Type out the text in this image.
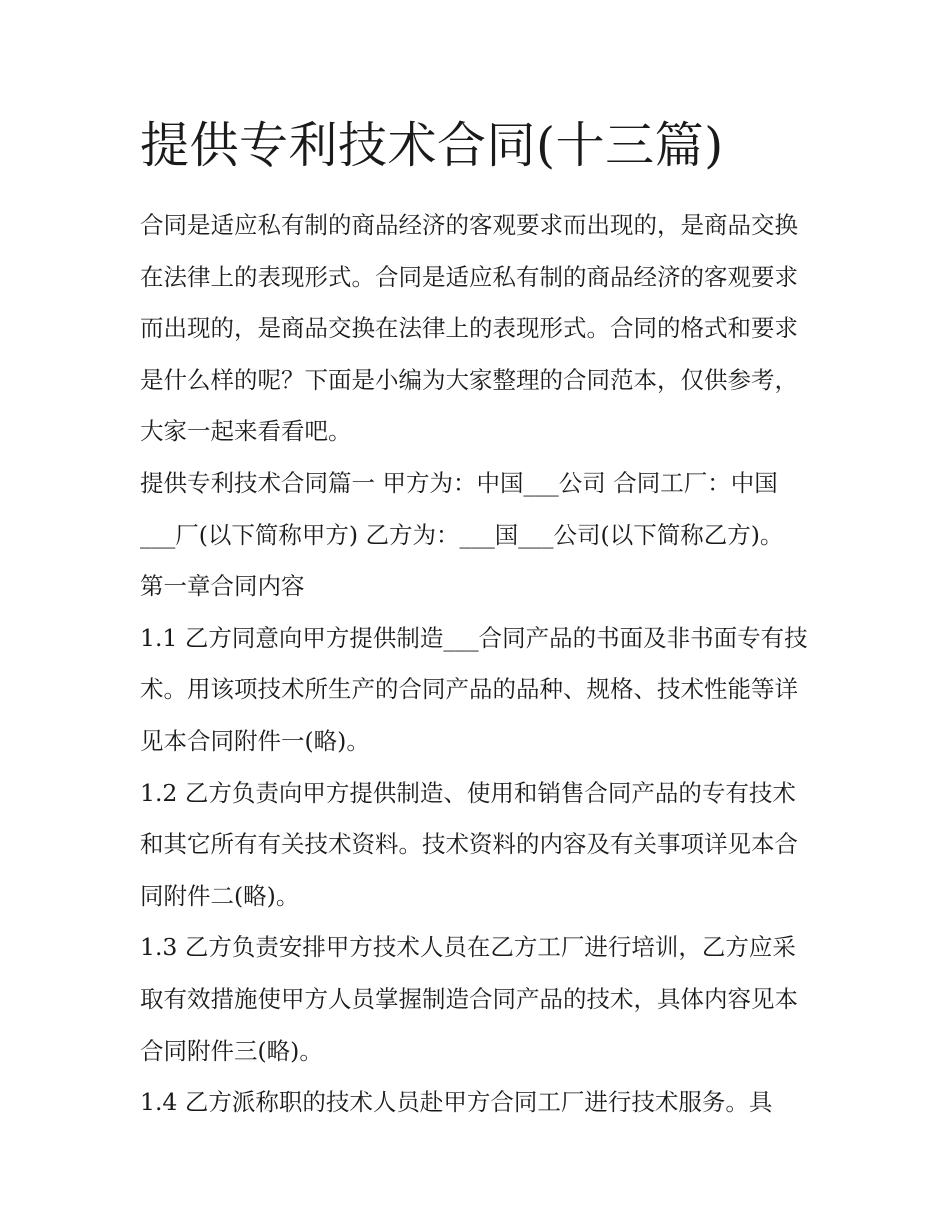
提供专利技术合同(十三篇)

合同是适应私有制的商品经济的客观要求而出现的，是商品交换在法律上的表现形式。合同是适应私有制的商品经济的客观要求而出现的，是商品交换在法律上的表现形式。合同的格式和要求是什么样的呢？下面是小编为大家整理的合同范本，仅供参考，大家一起来看看吧。

提供专利技术合同篇一 甲方为：中国___公司 合同工厂：中国___厂(以下简称甲方) 乙方为：___国___公司(以下简称乙方)。 第一章合同内容

1.1 乙方同意向甲方提供制造___合同产品的书面及非书面专有技术。用该项技术所生产的合同产品的品种、规格、技术性能等详见本合同附件一(略)。

1.2 乙方负责向甲方提供制造、使用和销售合同产品的专有技术和其它所有有关技术资料。技术资料的内容及有关事项详见本合同附件二(略)。

1.3 乙方负责安排甲方技术人员在乙方工厂进行培训，乙方应采取有效措施使甲方人员掌握制造合同产品的技术，具体内容见本合同附件三(略)。

1.4 乙方派称职的技术人员赴甲方合同工厂进行技术服务。具
